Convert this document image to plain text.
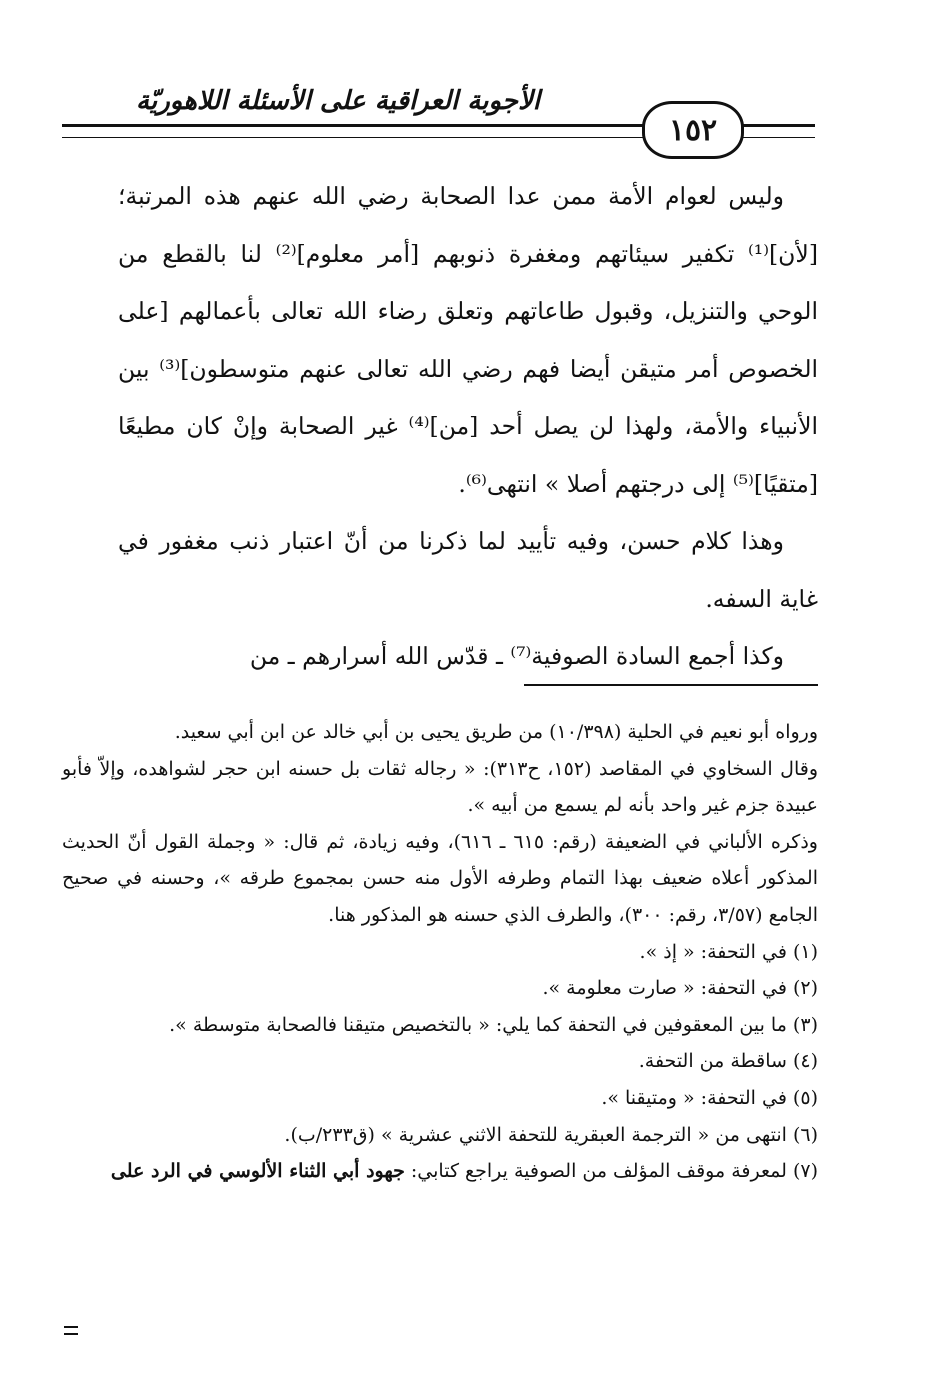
الأجوبة العراقية على الأسئلة اللاهوريّة
١٥٢

وليس لعوام الأمة ممن عدا الصحابة رضي الله عنهم هذه المرتبة؛ [لأن]⁽¹⁾ تكفير سيئاتهم ومغفرة ذنوبهم [أمر معلوم]⁽²⁾ لنا بالقطع من الوحي والتنزيل، وقبول طاعاتهم وتعلق رضاء الله تعالى بأعمالهم [على الخصوص أمر متيقن أيضا فهم رضي الله تعالى عنهم متوسطون]⁽³⁾ بين الأنبياء والأمة، ولهذا لن يصل أحد [من]⁽⁴⁾ غير الصحابة وإنْ كان مطيعًا [متقيًا]⁽⁵⁾ إلى درجتهم أصلا » انتهى⁽⁶⁾.

وهذا كلام حسن، وفيه تأييد لما ذكرنا من أنّ اعتبار ذنب مغفور في غاية السفه.

وكذا أجمع السادة الصوفية⁽⁷⁾ ـ قدّس الله أسرارهم ـ من

ورواه أبو نعيم في الحلية (١٠/٣٩٨) من طريق يحيى بن أبي خالد عن ابن أبي سعيد.

وقال السخاوي في المقاصد (١٥٢، ح٣١٣): « رجاله ثقات بل حسنه ابن حجر لشواهده، وإلاّ فأبو عبيدة جزم غير واحد بأنه لم يسمع من أبيه ».

وذكره الألباني في الضعيفة (رقم: ٦١٥ ـ ٦١٦)، وفيه زيادة، ثم قال: « وجملة القول أنّ الحديث المذكور أعلاه ضعيف بهذا التمام وطرفه الأول منه حسن بمجموع طرقه »، وحسنه في صحيح الجامع (٣/٥٧، رقم: ٣٠٠)، والطرف الذي حسنه هو المذكور هنا.

(١) في التحفة: « إذ ».

(٢) في التحفة: « صارت معلومة ».

(٣) ما بين المعقوفين في التحفة كما يلي: « بالتخصيص متيقنا فالصحابة متوسطة ».

(٤) ساقطة من التحفة.

(٥) في التحفة: « ومتيقنا ».

(٦) انتهى من « الترجمة العبقرية للتحفة الاثني عشرية » (ق٢٣٣/ب).

(٧) لمعرفة موقف المؤلف من الصوفية يراجع كتابي: جهود أبي الثناء الألوسي في الرد على
